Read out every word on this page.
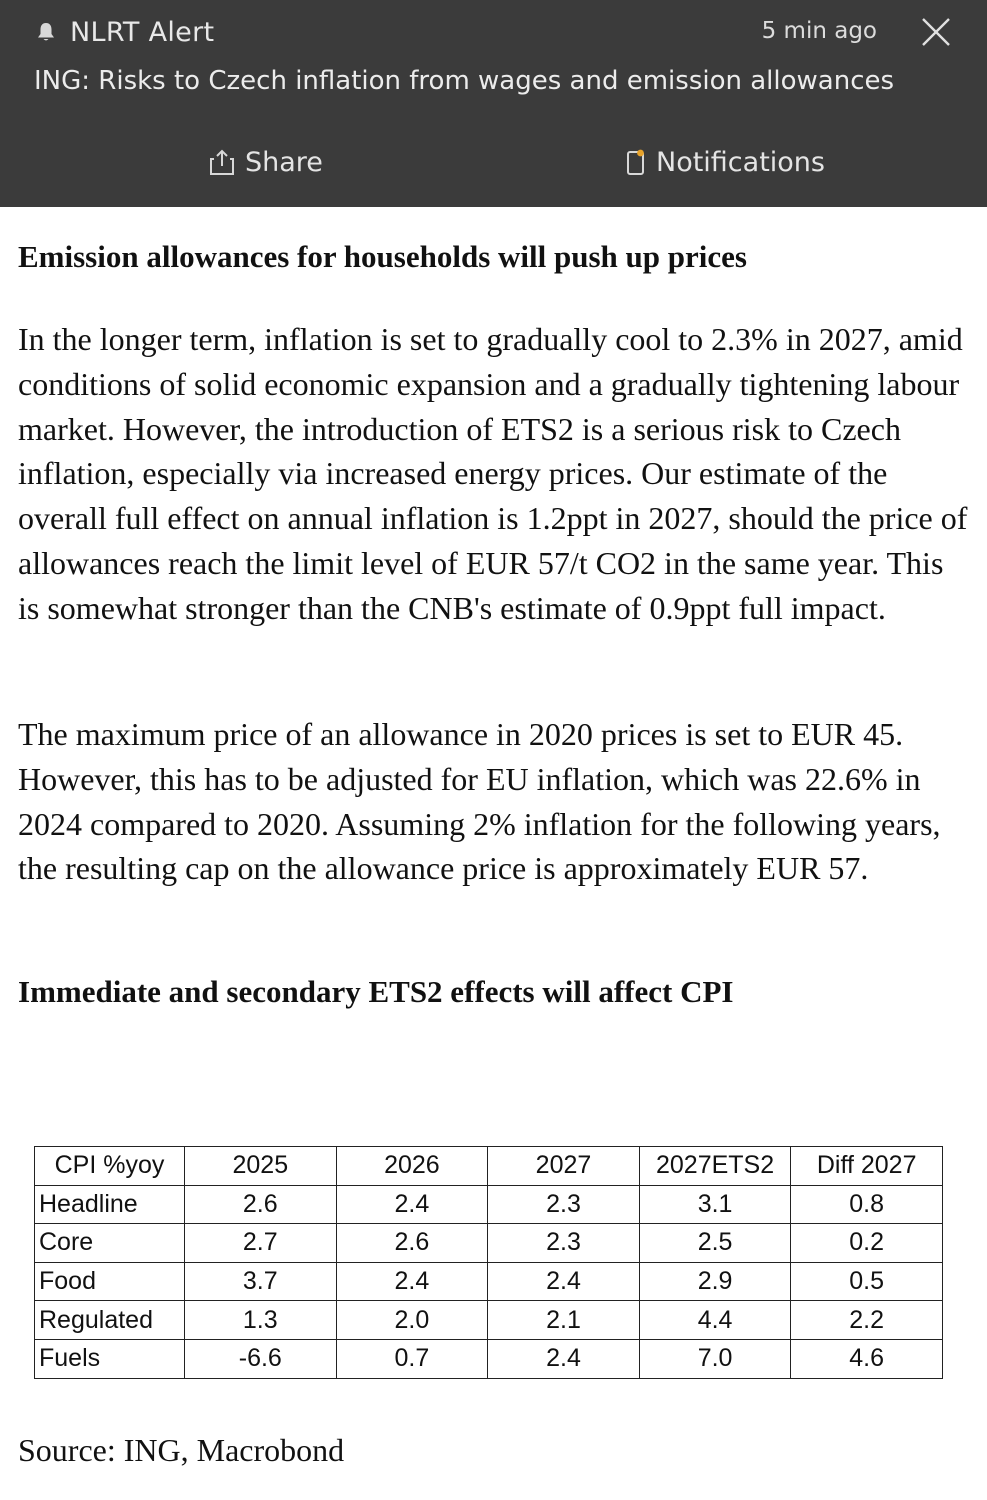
NLRT Alert	5 min ago
ING: Risks to Czech inflation from wages and emission allowances
Share	Notifications
Emission allowances for households will push up prices

In the longer term, inflation is set to gradually cool to 2.3% in 2027, amid conditions of solid economic expansion and a gradually tightening labour market. However, the introduction of ETS2 is a serious risk to Czech inflation, especially via increased energy prices. Our estimate of the overall full effect on annual inflation is 1.2ppt in 2027, should the price of allowances reach the limit level of EUR 57/t CO2 in the same year. This is somewhat stronger than the CNB's estimate of 0.9ppt full impact.

The maximum price of an allowance in 2020 prices is set to EUR 45. However, this has to be adjusted for EU inflation, which was 22.6% in 2024 compared to 2020. Assuming 2% inflation for the following years, the resulting cap on the allowance price is approximately EUR 57.

Immediate and secondary ETS2 effects will affect CPI
CPI %yoy	2025	2026	2027	2027ETS2	Diff 2027
Headline	2.6	2.4	2.3	3.1	0.8
Core	2.7	2.6	2.3	2.5	0.2
Food	3.7	2.4	2.4	2.9	0.5
Regulated	1.3	2.0	2.1	4.4	2.2
Fuels	-6.6	0.7	2.4	7.0	4.6
Source: ING, Macrobond
